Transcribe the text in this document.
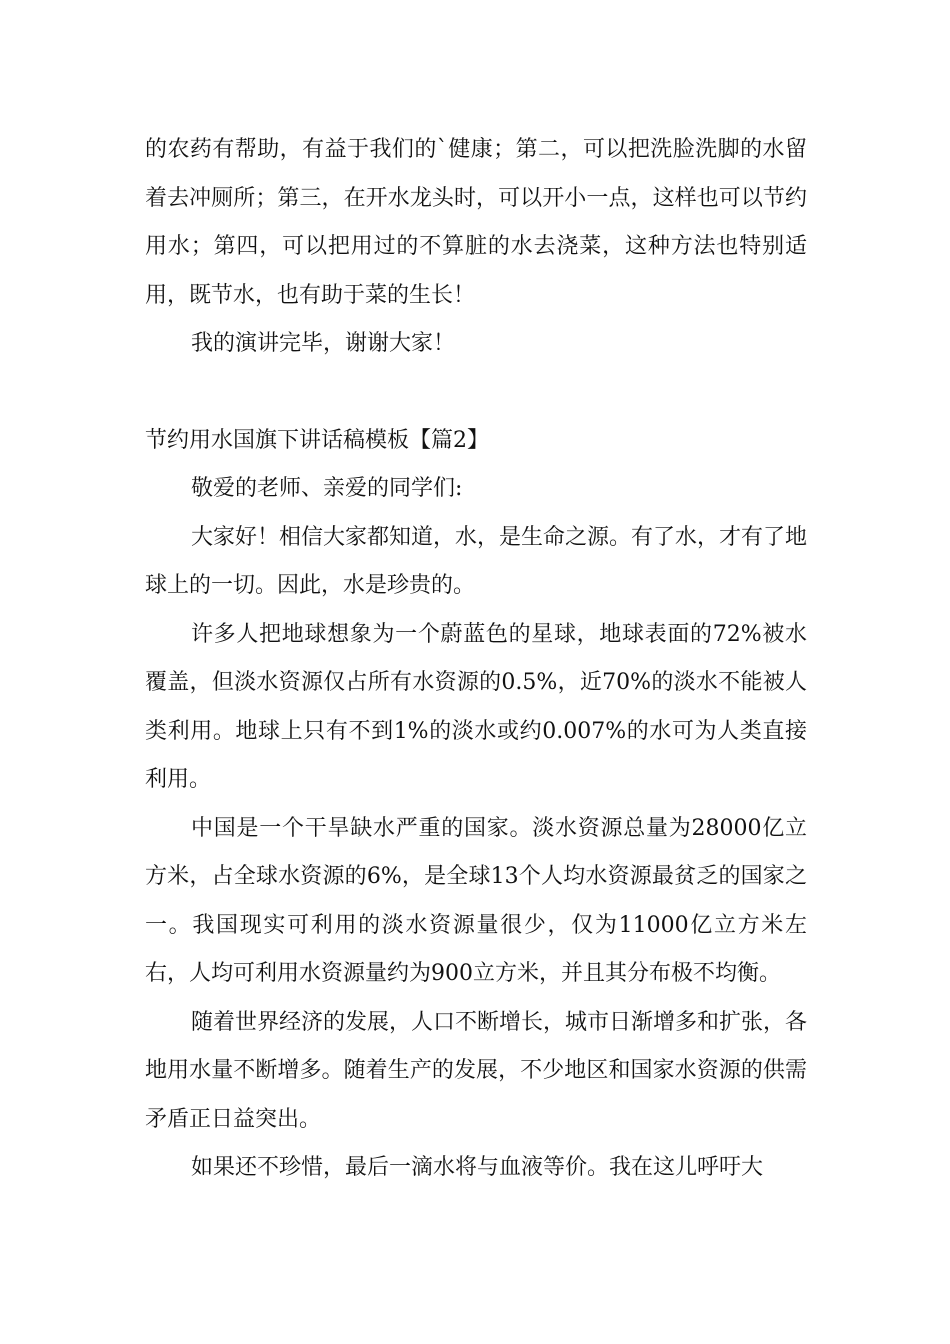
的农药有帮助，有益于我们的`健康；第二，可以把洗脸洗脚的水留着去冲厕所；第三，在开水龙头时，可以开小一点，这样也可以节约用水；第四，可以把用过的不算脏的水去浇菜，这种方法也特别适用，既节水，也有助于菜的生长！

我的演讲完毕，谢谢大家！

节约用水国旗下讲话稿模板【篇2】

敬爱的老师、亲爱的同学们:

大家好！相信大家都知道，水，是生命之源。有了水，才有了地球上的一切。因此，水是珍贵的。

许多人把地球想象为一个蔚蓝色的星球，地球表面的72%被水覆盖，但淡水资源仅占所有水资源的0.5%，近70%的淡水不能被人类利用。地球上只有不到1%的淡水或约0.007%的水可为人类直接利用。

中国是一个干旱缺水严重的国家。淡水资源总量为28000亿立方米，占全球水资源的6%，是全球13个人均水资源最贫乏的国家之一。我国现实可利用的淡水资源量很少，仅为11000亿立方米左右，人均可利用水资源量约为900立方米，并且其分布极不均衡。

随着世界经济的发展，人口不断增长，城市日渐增多和扩张，各地用水量不断增多。随着生产的发展，不少地区和国家水资源的供需矛盾正日益突出。

如果还不珍惜，最后一滴水将与血液等价。我在这儿呼吁大
